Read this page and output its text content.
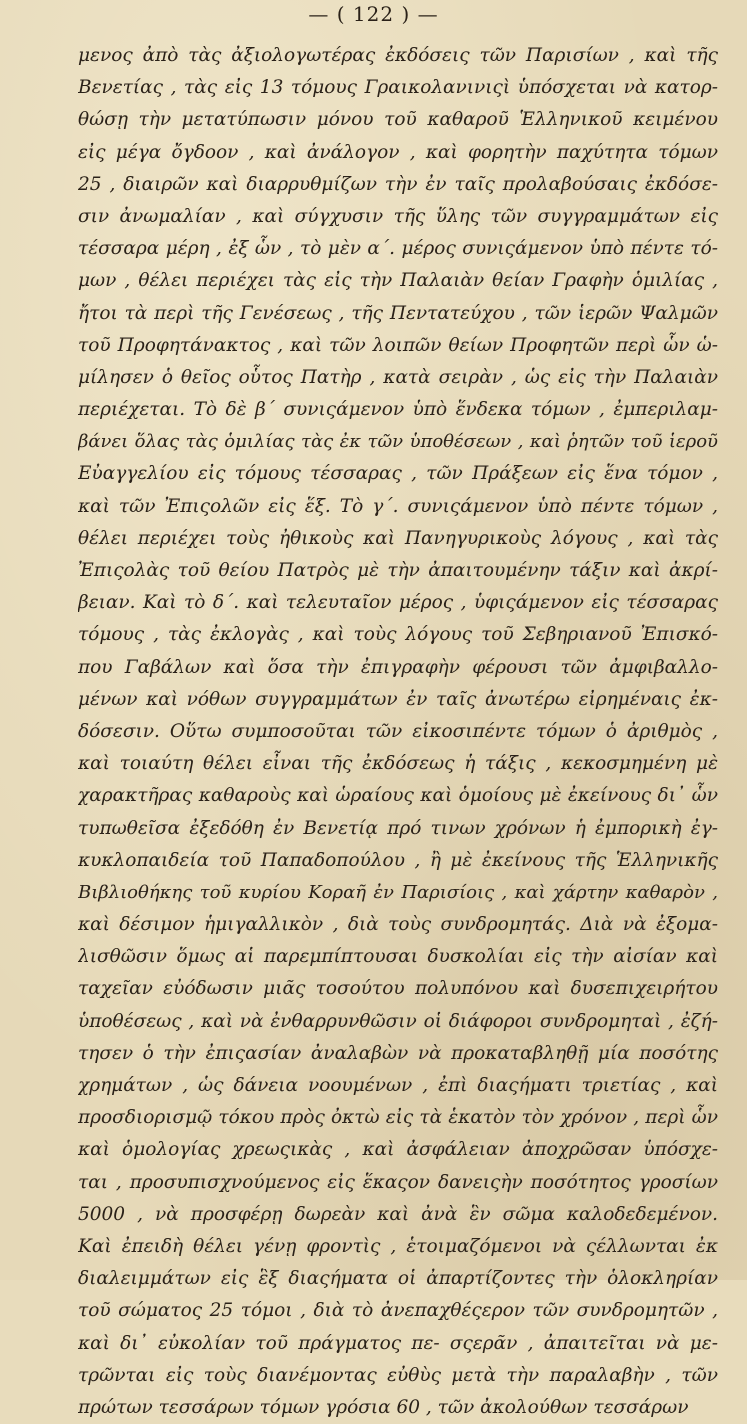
— ( 122 ) —
μενος ἀπὸ τὰς ἀξιολογωτέρας ἐκδόσεις τῶν Παρισίων , καὶ τῆς
Βενετίας , τὰς εἰς 13 τόμους Γραικολανινιςὶ ὑπόσχεται νὰ κατορ-
θώσῃ τὴν μετατύπωσιν μόνου τοῦ καθαροῦ Ἑλληνικοῦ κειμένου
εἰς μέγα ὄγδοον , καὶ ἀνάλογον , καὶ φορητὴν παχύτητα τόμων
25 , διαιρῶν καὶ διαρρυθμίζων τὴν ἐν ταῖς προλαβούσαις ἐκδόσε-
σιν ἀνωμαλίαν , καὶ σύγχυσιν τῆς ὕλης τῶν συγγραμμάτων εἰς
τέσσαρα μέρη , ἐξ ὧν , τὸ μὲν α΄. μέρος συνιςάμενον ὑπὸ πέντε τό-
μων , θέλει περιέχει τὰς εἰς τὴν Παλαιὰν θείαν Γραφὴν ὁμιλίας ,
ἤτοι τὰ περὶ τῆς Γενέσεως , τῆς Πεντατεύχου , τῶν ἱερῶν Ψαλμῶν
τοῦ Προφητάνακτος , καὶ τῶν λοιπῶν θείων Προφητῶν περὶ ὧν ὡ-
μίλησεν ὁ θεῖος οὗτος Πατὴρ , κατὰ σειρὰν , ὡς εἰς τὴν Παλαιὰν
περιέχεται. Τὸ δὲ β΄ συνιςάμενον ὑπὸ ἕνδεκα τόμων , ἐμπεριλαμ-
βάνει ὅλας τὰς ὁμιλίας τὰς ἐκ τῶν ὑποθέσεων , καὶ ῥητῶν τοῦ ἱεροῦ
Εὐαγγελίου εἰς τόμους τέσσαρας , τῶν Πράξεων εἰς ἕνα τόμον ,
καὶ τῶν Ἐπιςολῶν εἰς ἕξ. Τὸ γ΄. συνιςάμενον ὑπὸ πέντε τόμων ,
θέλει περιέχει τοὺς ἠθικοὺς καὶ Πανηγυρικοὺς λόγους , καὶ τὰς
Ἐπιςολὰς τοῦ θείου Πατρὸς μὲ τὴν ἀπαιτουμένην τάξιν καὶ ἀκρί-
βειαν. Καὶ τὸ δ΄. καὶ τελευταῖον μέρος , ὑφιςάμενον εἰς τέσσαρας
τόμους , τὰς ἐκλογὰς , καὶ τοὺς λόγους τοῦ Σεβηριανοῦ Ἐπισκό-
που Γαβάλων καὶ ὅσα τὴν ἐπιγραφὴν φέρουσι τῶν ἀμφιβαλλο-
μένων καὶ νόθων συγγραμμάτων ἐν ταῖς ἀνωτέρω εἰρημέναις ἐκ-
δόσεσιν. Οὕτω συμποσοῦται τῶν εἰκοσιπέντε τόμων ὁ ἀριθμὸς ,
καὶ τοιαύτη θέλει εἶναι τῆς ἐκδόσεως ἡ τάξις , κεκοσμημένη μὲ
χαρακτῆρας καθαροὺς καὶ ὡραίους καὶ ὁμοίους μὲ ἐκείνους δι᾽ ὧν
τυπωθεῖσα ἐξεδόθη ἐν Βενετίᾳ πρό τινων χρόνων ἡ ἐμπορικὴ ἐγ-
κυκλοπαιδεία τοῦ Παπαδοπούλου , ἢ μὲ ἐκείνους τῆς Ἑλληνικῆς
Βιβλιοθήκης τοῦ κυρίου Κοραῆ ἐν Παρισίοις , καὶ χάρτην καθαρὸν ,
καὶ δέσιμον ἡμιγαλλικὸν , διὰ τοὺς συνδρομητάς. Διὰ νὰ ἐξομα-
λισθῶσιν ὅμως αἱ παρεμπίπτουσαι δυσκολίαι εἰς τὴν αἰσίαν καὶ
ταχεῖαν εὐόδωσιν μιᾶς τοσούτου πολυπόνου καὶ δυσεπιχειρήτου
ὑποθέσεως , καὶ νὰ ἐνθαρρυνθῶσιν οἱ διάφοροι συνδρομηταὶ , ἐζή-
τησεν ὁ τὴν ἐπιςασίαν ἀναλαβὼν νὰ προκαταβληθῇ μία ποσότης
χρημάτων , ὡς δάνεια νοουμένων , ἐπὶ διαςήματι τριετίας , καὶ
προσδιορισμῷ τόκου πρὸς ὀκτὼ εἰς τὰ ἑκατὸν τὸν χρόνον , περὶ ὧν
καὶ ὁμολογίας χρεωςικὰς , καὶ ἀσφάλειαν ἀποχρῶσαν ὑπόσχε-
ται , προσυπισχνούμενος εἰς ἕκαςον δανειςὴν ποσότητος γροσίων
5000 , νὰ προσφέρῃ δωρεὰν καὶ ἀνὰ ἓν σῶμα καλοδεδεμένον.
Καὶ ἐπειδὴ θέλει γένῃ φροντὶς , ἑτοιμαζόμενοι νὰ ςέλλωνται ἐκ
διαλειμμάτων εἰς ἓξ διαςήματα οἱ ἀπαρτίζοντες τὴν ὁλοκληρίαν
τοῦ σώματος 25 τόμοι , διὰ τὸ ἀνεπαχθέςερον τῶν συνδρομητῶν ,
καὶ δι᾽ εὐκολίαν τοῦ πράγματος πε- σςερᾶν , ἀπαιτεῖται νὰ με-
τρῶνται εἰς τοὺς διανέμοντας εὐθὺς μετὰ τὴν παραλαβὴν , τῶν
πρώτων τεσσάρων τόμων γρόσια 60 , τῶν ἀκολούθων τεσσάρων
